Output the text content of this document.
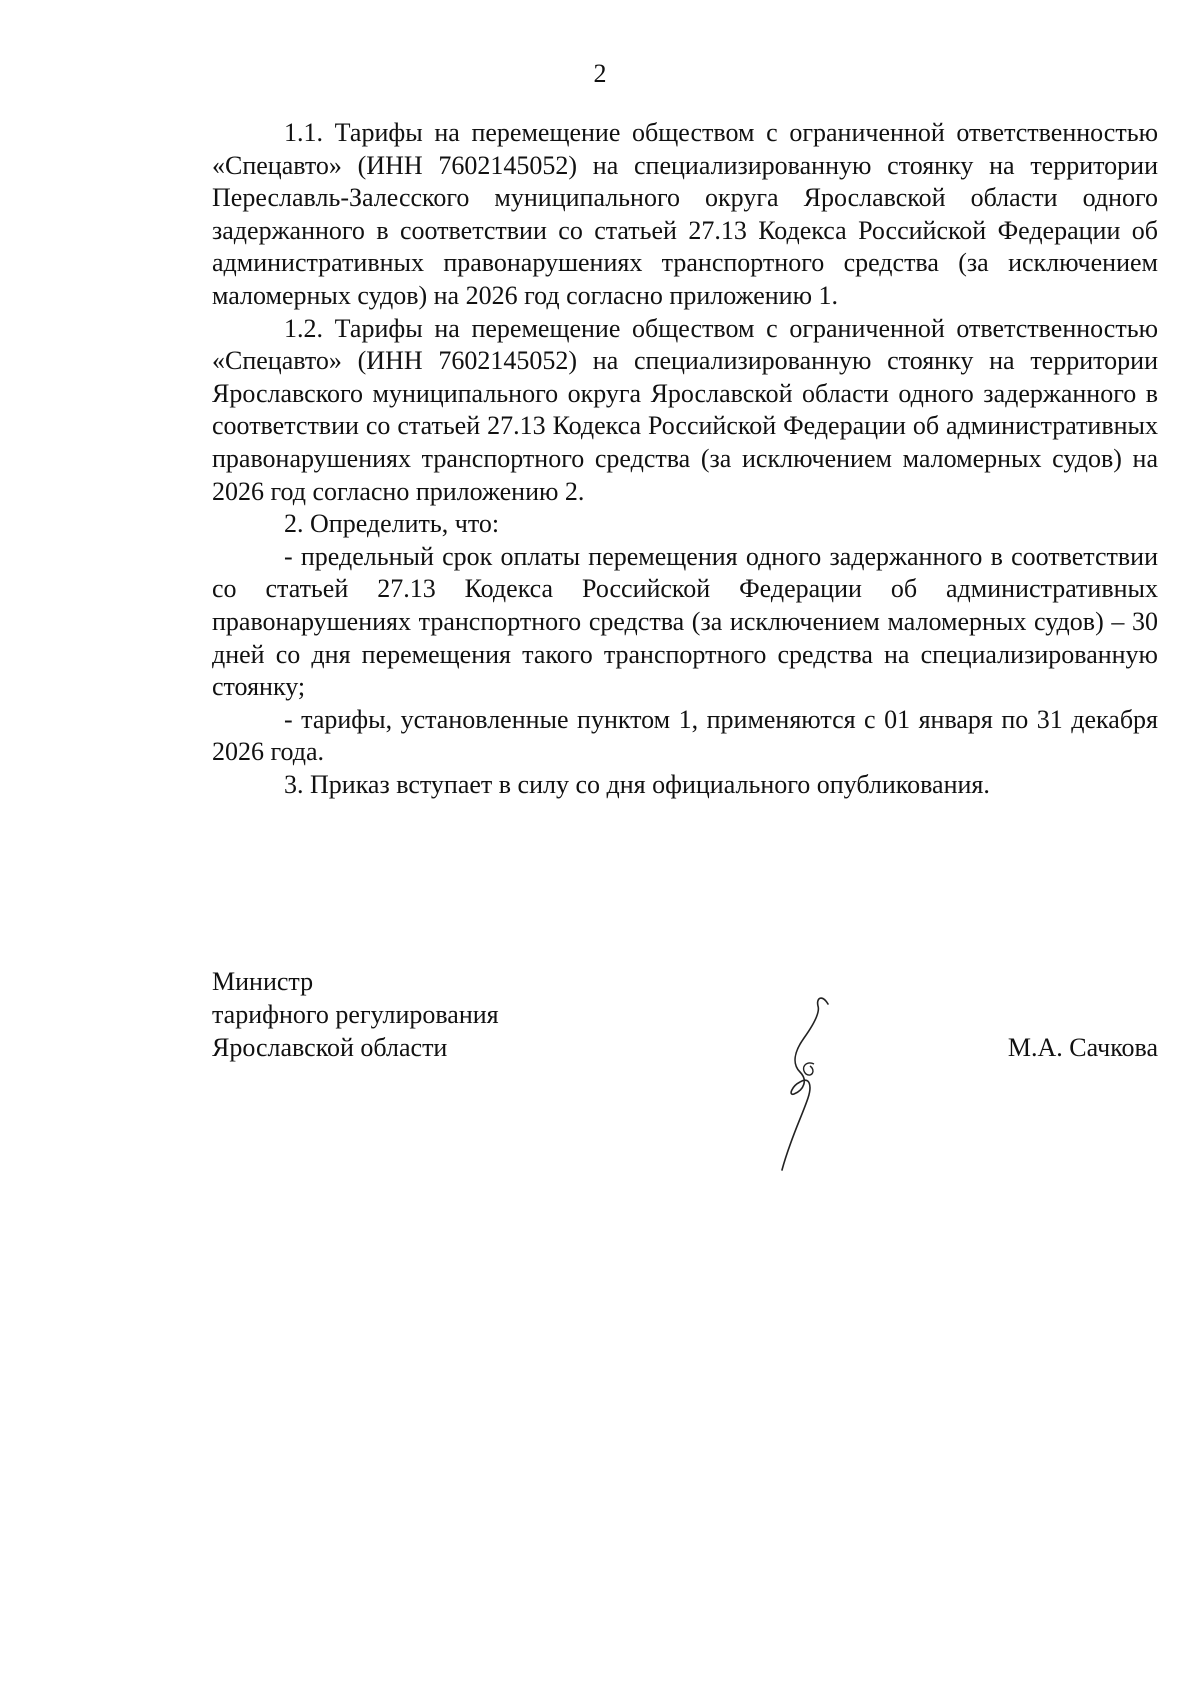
2

1.1. Тарифы на перемещение обществом с ограниченной ответственностью «Спецавто» (ИНН 7602145052) на специализированную стоянку на территории Переславль-Залесского муниципального округа Ярославской области одного задержанного в соответствии со статьей 27.13 Кодекса Российской Федерации об административных правонарушениях транспортного средства (за исключением маломерных судов) на 2026 год согласно приложению 1.

1.2. Тарифы на перемещение обществом с ограниченной ответственностью «Спецавто» (ИНН 7602145052) на специализированную стоянку на территории Ярославского муниципального округа Ярославской области одного задержанного в соответствии со статьей 27.13 Кодекса Российской Федерации об административных правонарушениях транспортного средства (за исключением маломерных судов) на 2026 год согласно приложению 2.

2. Определить, что:

- предельный срок оплаты перемещения одного задержанного в соответствии со статьей 27.13 Кодекса Российской Федерации об административных правонарушениях транспортного средства (за исключением маломерных судов) – 30 дней со дня перемещения такого транспортного средства на специализированную стоянку;

- тарифы, установленные пунктом 1, применяются с 01 января по 31 декабря 2026 года.

3. Приказ вступает в силу со дня официального опубликования.

Министр
тарифного регулирования
Ярославской области	М.А. Сачкова
